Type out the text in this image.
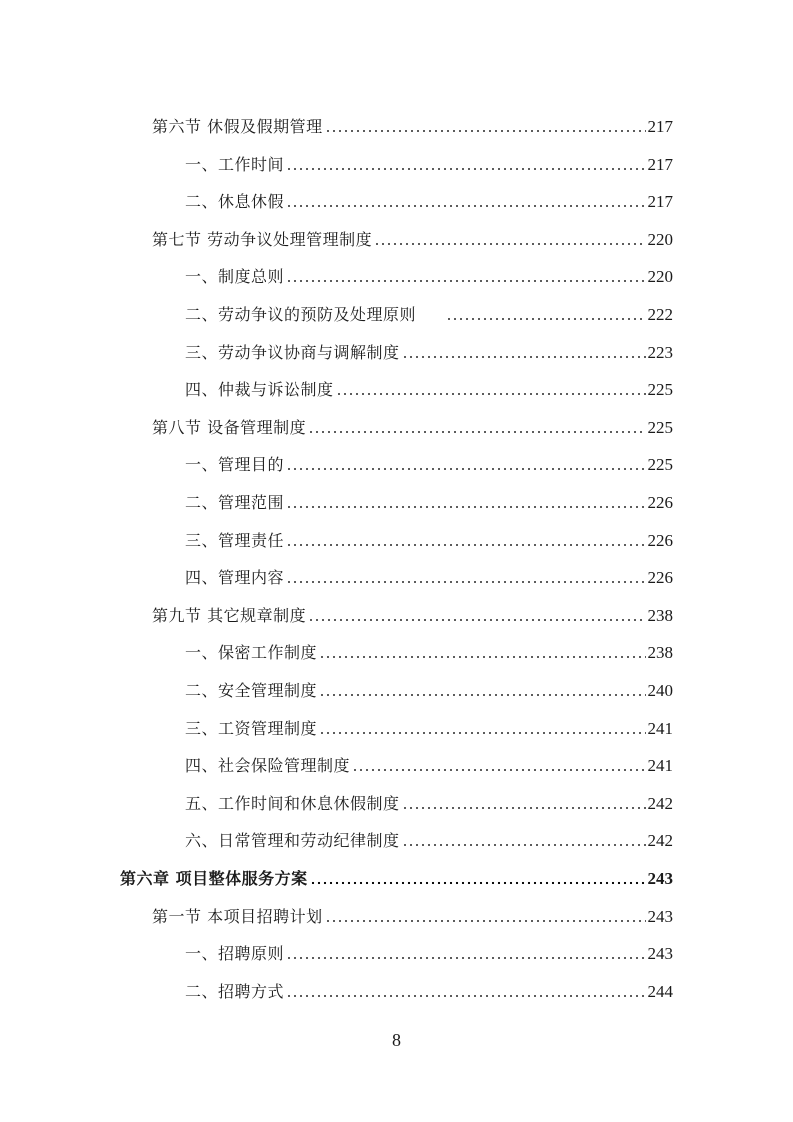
第六节 休假及假期管理	217
一、工作时间	217
二、休息休假	217
第七节 劳动争议处理管理制度	220
一、制度总则	220
二、劳动争议的预防及处理原则	222
三、劳动争议协商与调解制度	223
四、仲裁与诉讼制度	225
第八节 设备管理制度	225
一、管理目的	225
二、管理范围	226
三、管理责任	226
四、管理内容	226
第九节 其它规章制度	238
一、保密工作制度	238
二、安全管理制度	240
三、工资管理制度	241
四、社会保险管理制度	241
五、工作时间和休息休假制度	242
六、日常管理和劳动纪律制度	242
第六章 项目整体服务方案	243
第一节 本项目招聘计划	243
一、招聘原则	243
二、招聘方式	244
8
